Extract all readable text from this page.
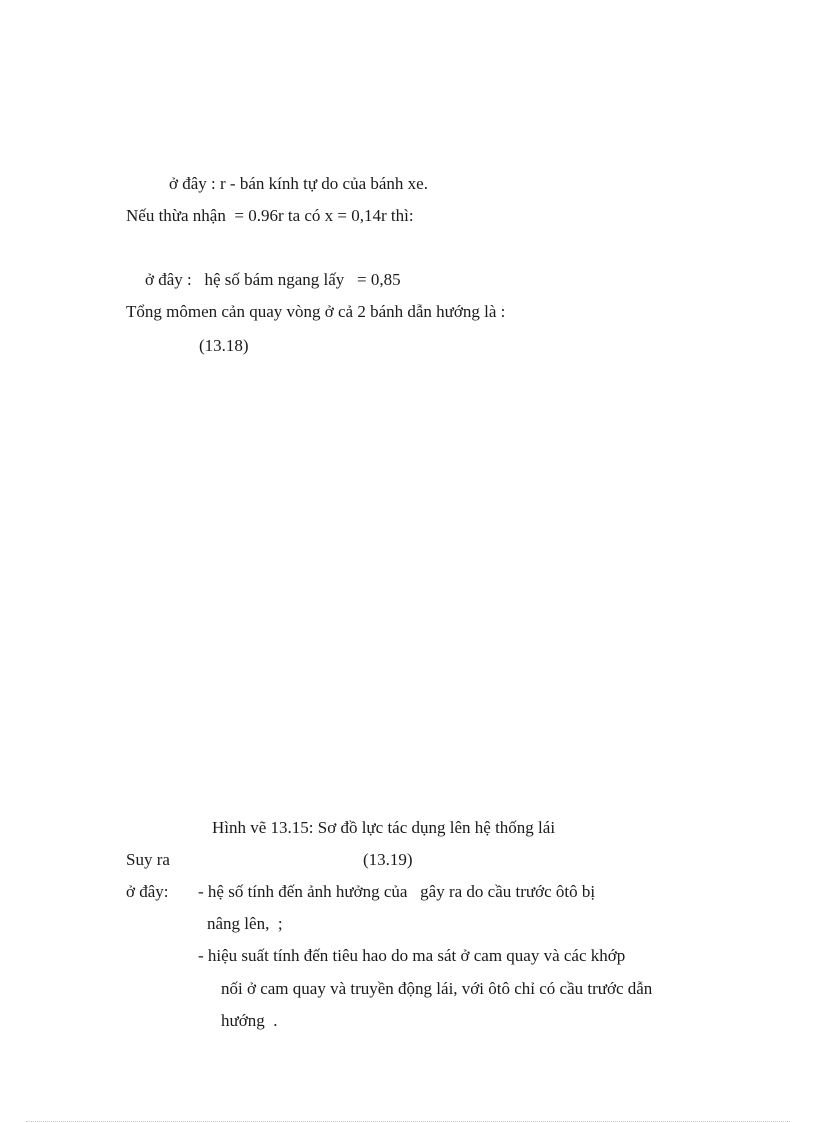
ở đây : r - bán kính tự do của bánh xe.
Nếu thừa nhận  = 0.96r ta có x = 0,14r thì:
ở đây :   hệ số bám ngang lấy   = 0,85
Tổng mômen cản quay vòng ở cả 2 bánh dẫn hướng là :
(13.18)
Hình vẽ 13.15: Sơ đồ lực tác dụng lên hệ thống lái
Suy ra	(13.19)
ở đây: - hệ số tính đến ảnh hưởng của   gây ra do cầu trước ôtô bị
nâng lên,  ;
- hiệu suất tính đến tiêu hao do ma sát ở cam quay và các khớp
nối ở cam quay và truyền động lái, với ôtô chỉ có cầu trước dẫn
hướng  .
